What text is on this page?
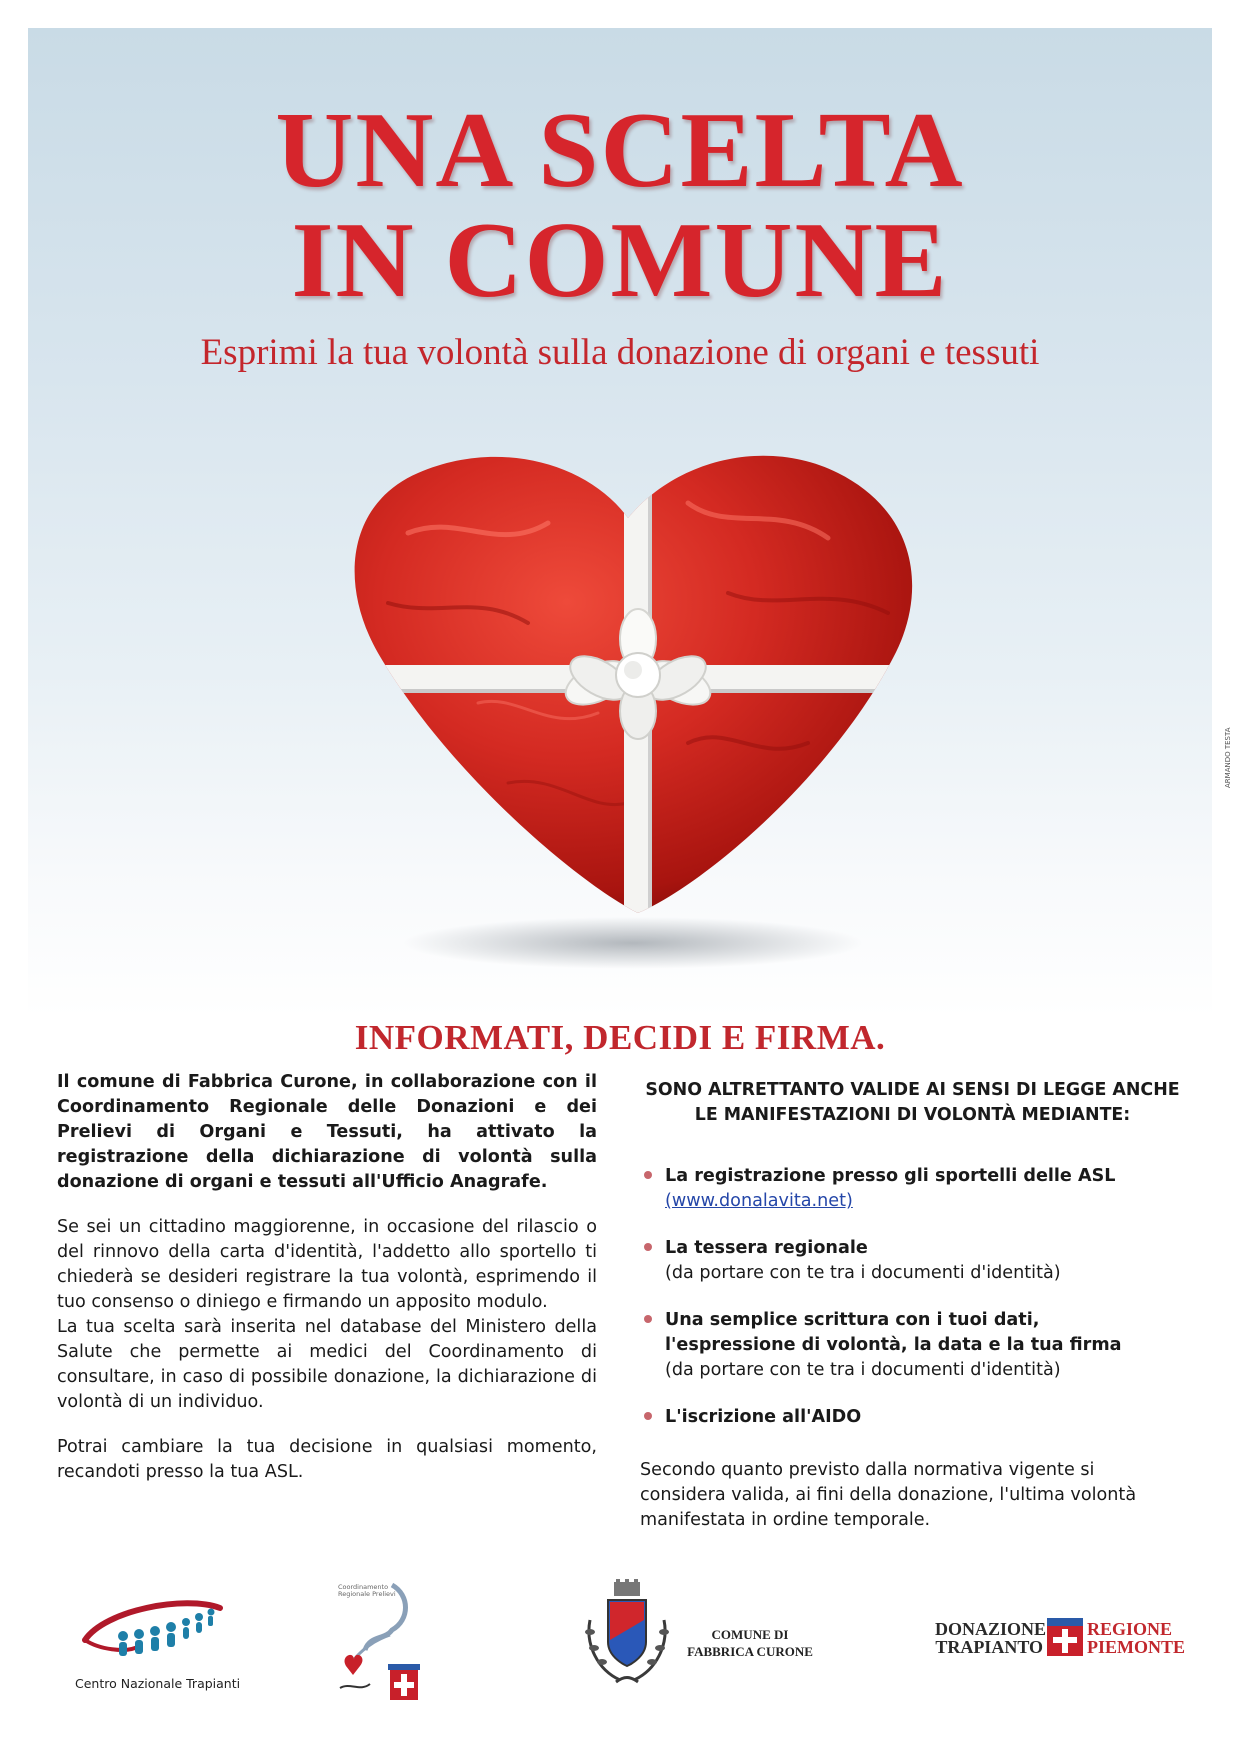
UNA SCELTA
IN COMUNE

Esprimi la tua volontà sulla donazione di organi e tessuti

ARMANDO TESTA
INFORMATI, DECIDI E FIRMA.

Il comune di Fabbrica Curone, in collaborazione con il Coordinamento Regionale delle Donazioni e dei Prelievi di Organi e Tessuti, ha attivato la registrazione della dichiarazione di volontà sulla donazione di organi e tessuti all'Ufficio Anagrafe.

Se sei un cittadino maggiorenne, in occasione del rilascio o del rinnovo della carta d'identità, l'addetto allo sportello ti chiederà se desideri registrare la tua volontà, esprimendo il tuo consenso o diniego e firmando un apposito modulo.

La tua scelta sarà inserita nel database del Ministero della Salute che permette ai medici del Coordinamento di consultare, in caso di possibile donazione, la dichiarazione di volontà di un individuo.

Potrai cambiare la tua decisione in qualsiasi momento, recandoti presso la tua ASL.

SONO ALTRETTANTO VALIDE AI SENSI DI LEGGE ANCHE
LE MANIFESTAZIONI DI VOLONTÀ MEDIANTE:
La registrazione presso gli sportelli delle ASL
(www.donalavita.net)
La tessera regionale
(da portare con te tra i documenti d'identità)
Una semplice scrittura con i tuoi dati,
l'espressione di volontà, la data e la tua firma
(da portare con te tra i documenti d'identità)
L'iscrizione all'AIDO

Secondo quanto previsto dalla normativa vigente si considera valida, ai fini della donazione, l'ultima volontà manifestata in ordine temporale.

Centro Nazionale Trapianti
Coordinamento Regionale Prelievi
COMUNE DI
FABBRICA CURONE
DONAZIONE
TRAPIANTO
REGIONE
PIEMONTE
